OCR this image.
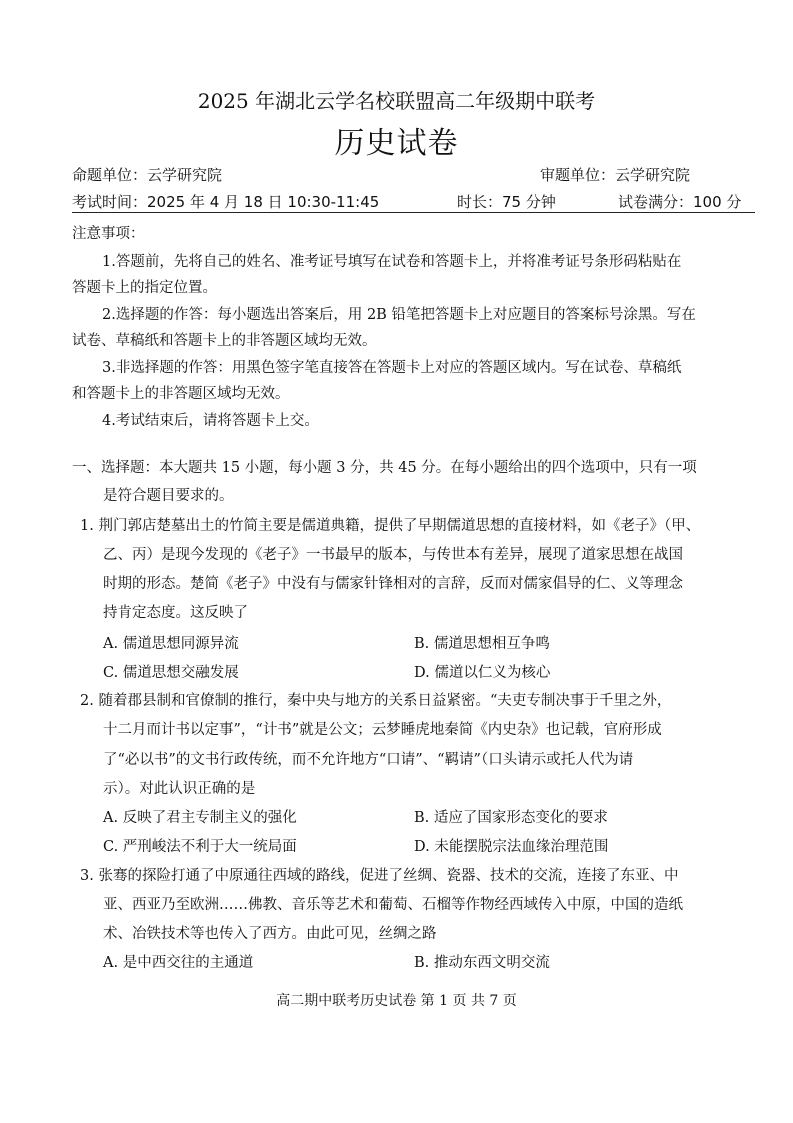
2025 年湖北云学名校联盟高二年级期中联考
历史试卷
命题单位：云学研究院	审题单位：云学研究院
考试时间：2025 年 4 月 18 日 10:30-11:45	时长：75 分钟	试卷满分：100 分
注意事项：
1.答题前，先将自己的姓名、准考证号填写在试卷和答题卡上，并将准考证号条形码粘贴在
答题卡上的指定位置。
2.选择题的作答：每小题选出答案后，用 2B 铅笔把答题卡上对应题目的答案标号涂黑。写在
试卷、草稿纸和答题卡上的非答题区域均无效。
3.非选择题的作答：用黑色签字笔直接答在答题卡上对应的答题区域内。写在试卷、草稿纸
和答题卡上的非答题区域均无效。
4.考试结束后，请将答题卡上交。
一、选择题：本大题共 15 小题，每小题 3 分，共 45 分。在每小题给出的四个选项中，只有一项
是符合题目要求的。
1. 荆门郭店楚墓出土的竹简主要是儒道典籍，提供了早期儒道思想的直接材料，如《老子》（甲、
乙、丙）是现今发现的《老子》一书最早的版本，与传世本有差异，展现了道家思想在战国
时期的形态。楚简《老子》中没有与儒家针锋相对的言辞，反而对儒家倡导的仁、义等理念
持肯定态度。这反映了
A. 儒道思想同源异流	B. 儒道思想相互争鸣
C. 儒道思想交融发展	D. 儒道以仁义为核心
2. 随着郡县制和官僚制的推行，秦中央与地方的关系日益紧密。“夫吏专制决事于千里之外，
十二月而计书以定事”，“计书”就是公文；云梦睡虎地秦简《内史杂》也记载，官府形成
了“必以书”的文书行政传统，而不允许地方“口请”、“羁请”（口头请示或托人代为请
示）。对此认识正确的是
A. 反映了君主专制主义的强化	B. 适应了国家形态变化的要求
C. 严刑峻法不利于大一统局面	D. 未能摆脱宗法血缘治理范围
3. 张骞的探险打通了中原通往西域的路线，促进了丝绸、瓷器、技术的交流，连接了东亚、中
亚、西亚乃至欧洲……佛教、音乐等艺术和葡萄、石榴等作物经西域传入中原，中国的造纸
术、冶铁技术等也传入了西方。由此可见，丝绸之路
A. 是中西交往的主通道	B. 推动东西文明交流
高二期中联考历史试卷 第 1 页 共 7 页
